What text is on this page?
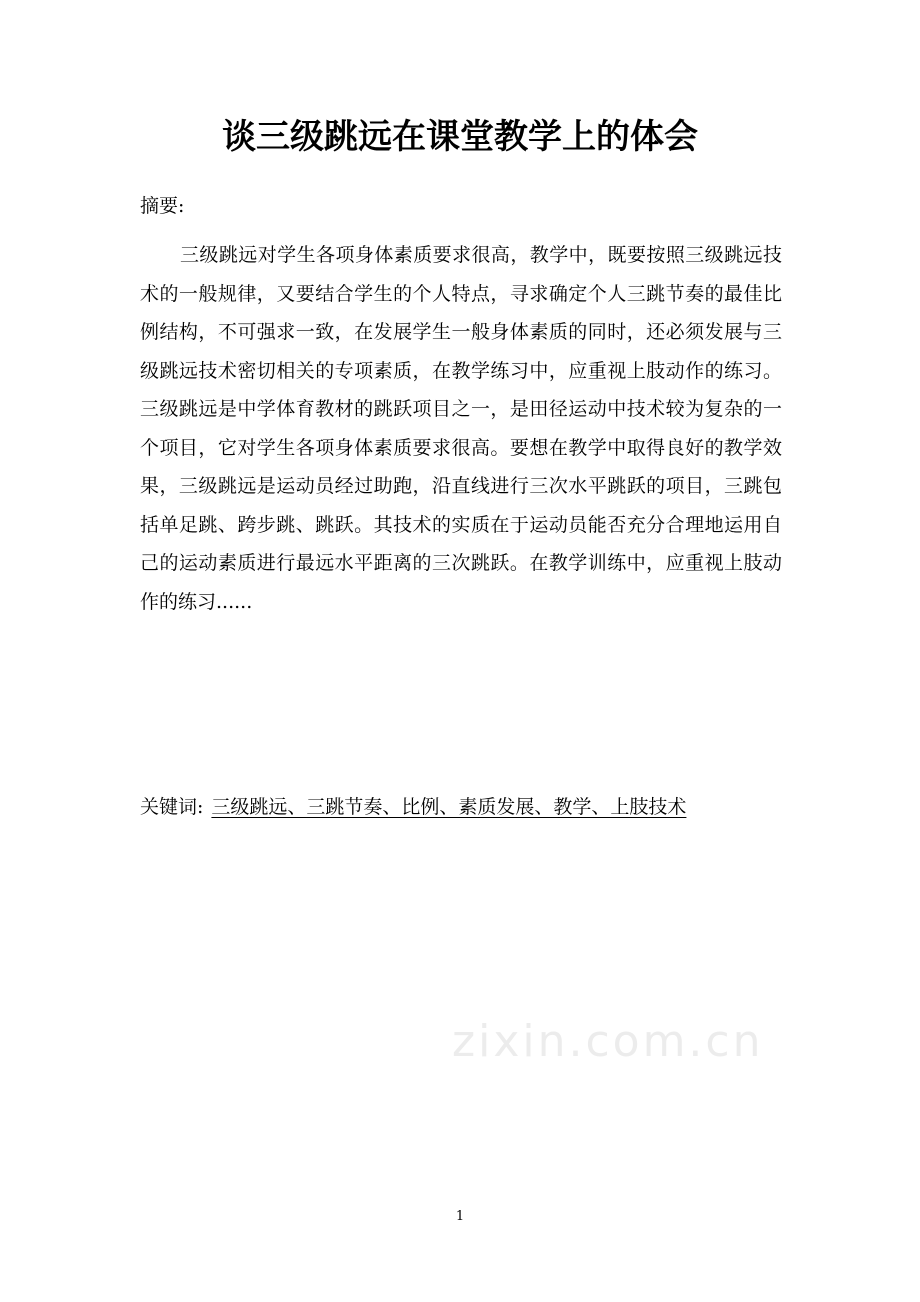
谈三级跳远在课堂教学上的体会

摘要:

三级跳远对学生各项身体素质要求很高，教学中，既要按照三级跳远技术的一般规律，又要结合学生的个人特点，寻求确定个人三跳节奏的最佳比例结构，不可强求一致，在发展学生一般身体素质的同时，还必须发展与三级跳远技术密切相关的专项素质，在教学练习中，应重视上肢动作的练习。三级跳远是中学体育教材的跳跃项目之一，是田径运动中技术较为复杂的一个项目，它对学生各项身体素质要求很高。要想在教学中取得良好的教学效果，三级跳远是运动员经过助跑，沿直线进行三次水平跳跃的项目，三跳包括单足跳、跨步跳、跳跃。其技术的实质在于运动员能否充分合理地运用自己的运动素质进行最远水平距离的三次跳跃。在教学训练中，应重视上肢动作的练习......

关键词: 三级跳远、三跳节奏、比例、素质发展、教学、上肢技术

zixin.com.cn
1
